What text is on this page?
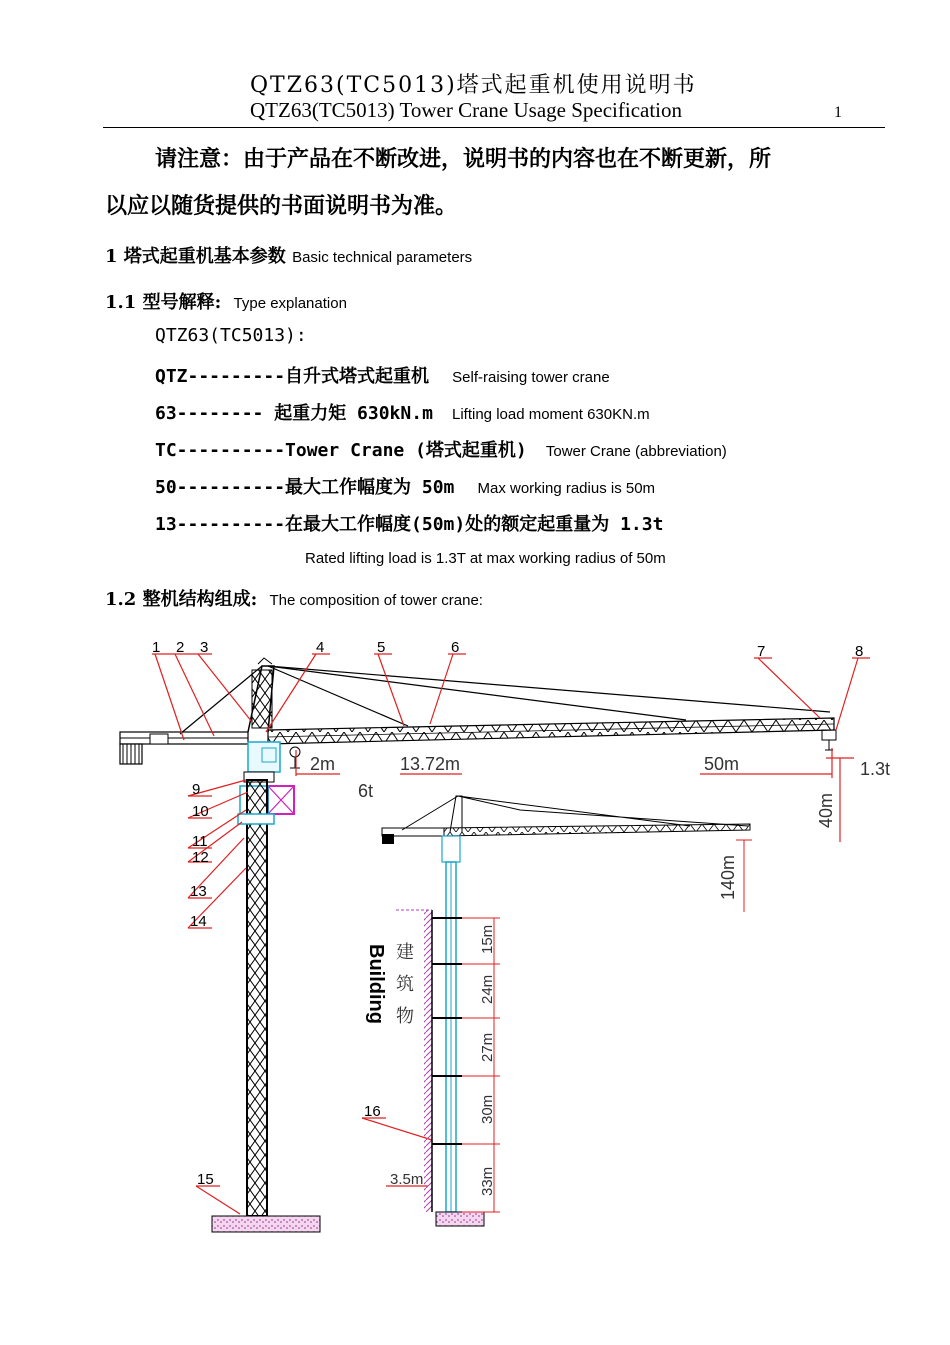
QTZ63(TC5013)塔式起重机使用说明书
QTZ63(TC5013) Tower Crane Usage Specification	1
请注意：由于产品在不断改进，说明书的内容也在不断更新，所
以应以随货提供的书面说明书为准。
1 塔式起重机基本参数 Basic technical parameters
1.1 型号解释: Type explanation
QTZ63(TC5013):
QTZ---------自升式塔式起重机 Self-raising tower crane
63-------- 起重力矩 630kN.m Lifting load moment 630KN.m
TC----------Tower Crane (塔式起重机) Tower Crane (abbreviation)
50----------最大工作幅度为 50m Max working radius is 50m
13----------在最大工作幅度(50m)处的额定起重量为 1.3t
Rated lifting load is 1.3T at max working radius of 50m
1.2 整机结构组成: The composition of tower crane:
1 2 3	4	5	6	7	8
9
10
11
12
13
14
15
16
2m	13.72m	50m	1.3t
6t
3.5m
40m
140m
15m
24m
27m
30m
33m
Building 建
筑
物
